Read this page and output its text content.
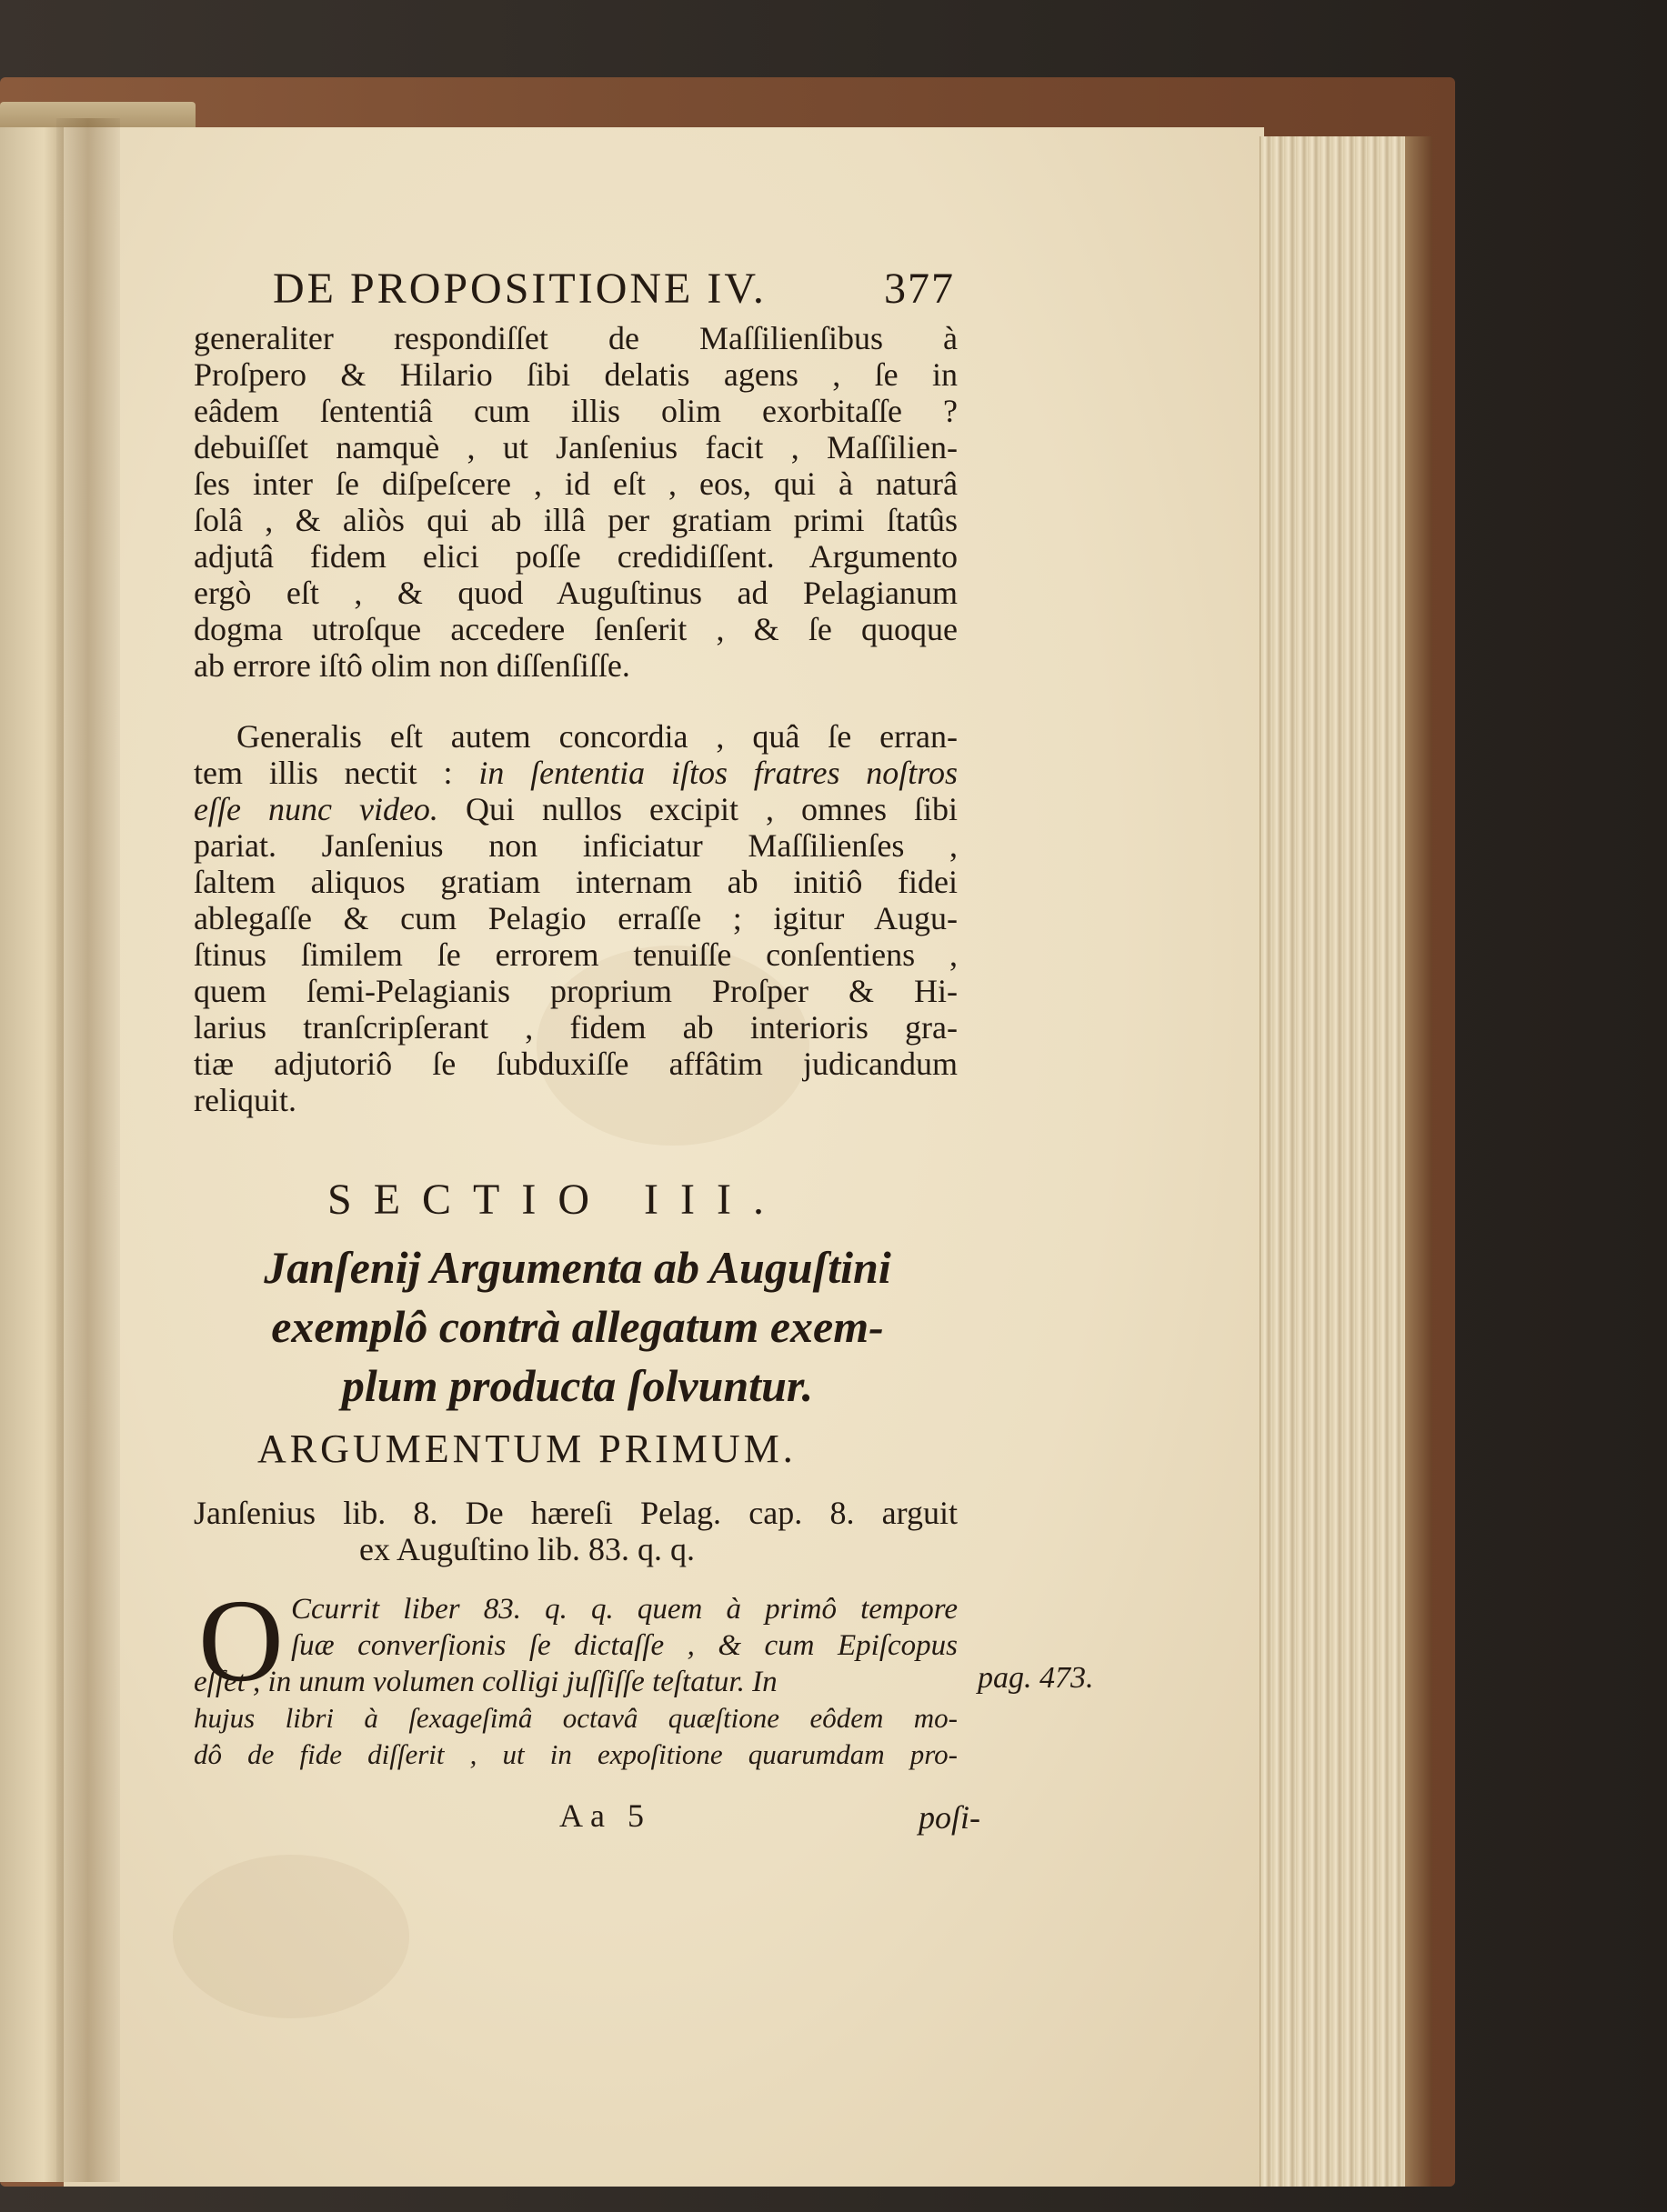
DE PROPOSITIONE IV.	377
generaliter respondiſſet de Maſſilienſibus à
Proſpero & Hilario ſibi delatis agens , ſe in
eâdem ſententiâ cum illis olim exorbitaſſe ?
debuiſſet namquè , ut Janſenius facit , Maſſilien-
ſes inter ſe diſpeſcere , id eſt , eos, qui à naturâ
ſolâ , & aliòs qui ab illâ per gratiam primi ſtatûs
adjutâ fidem elici poſſe credidiſſent. Argumento
ergò eſt , & quod Auguſtinus ad Pelagianum
dogma utroſque accedere ſenſerit , & ſe quoque
ab errore iſtô olim non diſſenſiſſe.
Generalis eſt autem concordia , quâ ſe erran-
tem illis nectit : in ſententia iſtos fratres noſtros
eſſe nunc video. Qui nullos excipit , omnes ſibi
pariat. Janſenius non inficiatur Maſſilienſes ,
ſaltem aliquos gratiam internam ab initiô fidei
ablegaſſe & cum Pelagio erraſſe ; igitur Augu-
ſtinus ſimilem ſe errorem tenuiſſe conſentiens ,
quem ſemi-Pelagianis proprium Proſper & Hi-
larius tranſcripſerant , fidem ab interioris gra-
tiæ adjutoriô ſe ſubduxiſſe affâtim judicandum
reliquit.
SECTIO III.
Janſenij Argumenta ab Auguſtini
exemplô contrà allegatum exem-
plum producta ſolvuntur.
ARGUMENTUM PRIMUM.
Janſenius lib. 8. De hæreſi Pelag. cap. 8. arguit
ex Auguſtino lib. 83. q. q.
O Ccurrit liber 83. q. q. quem à primô tempore
ſuæ converſionis ſe dictaſſe , & cum Epiſcopus
eſſet , in unum volumen colligi juſſiſſe teſtatur. In
hujus libri à ſexageſimâ octavâ quæſtione eôdem mo-
dô de fide diſſerit , ut in expoſitione quarumdam pro-
pag. 473.
Aa 5	poſi-
